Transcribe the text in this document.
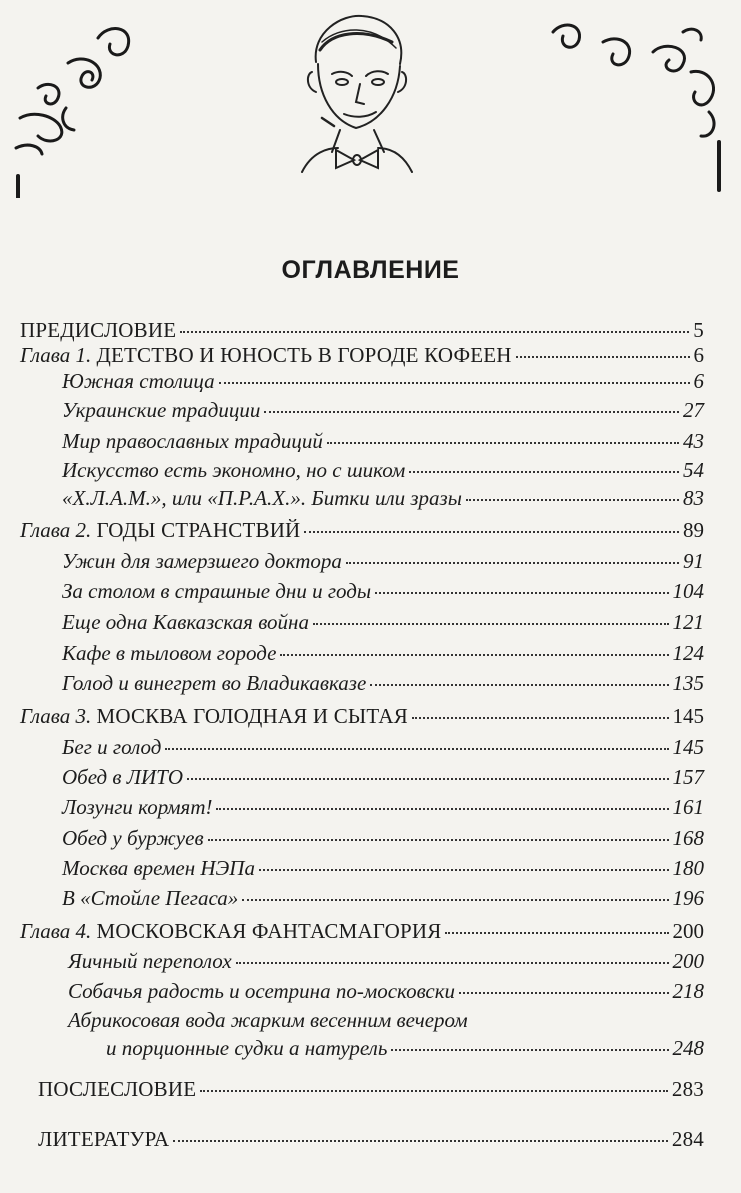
ОГЛАВЛЕНИЕ
ПРЕДИСЛОВИЕ	5
Глава 1. ДЕТСТВО И ЮНОСТЬ В ГОРОДЕ КОФЕЕН	6
Южная столица	6
Украинские традиции	27
Мир православных традиций	43
Искусство есть экономно, но с шиком	54
«Х.Л.А.М.», или «П.Р.А.Х.». Битки или зразы	83
Глава 2. ГОДЫ СТРАНСТВИЙ	89
Ужин для замерзшего доктора	91
За столом в страшные дни и годы	104
Еще одна Кавказская война	121
Кафе в тыловом городе	124
Голод и винегрет во Владикавказе	135
Глава 3. МОСКВА ГОЛОДНАЯ И СЫТАЯ	145
Бег и голод	145
Обед в ЛИТО	157
Лозунги кормят!	161
Обед у буржуев	168
Москва времен НЭПа	180
В «Стойле Пегаса»	196
Глава 4. МОСКОВСКАЯ ФАНТАСМАГОРИЯ	200
Яичный переполох	200
Собачья радость и осетрина по-московски	218
Абрикосовая вода жарким весенним вечером
и порционные судки а натурель	248
ПОСЛЕСЛОВИЕ	283
ЛИТЕРАТУРА	284
